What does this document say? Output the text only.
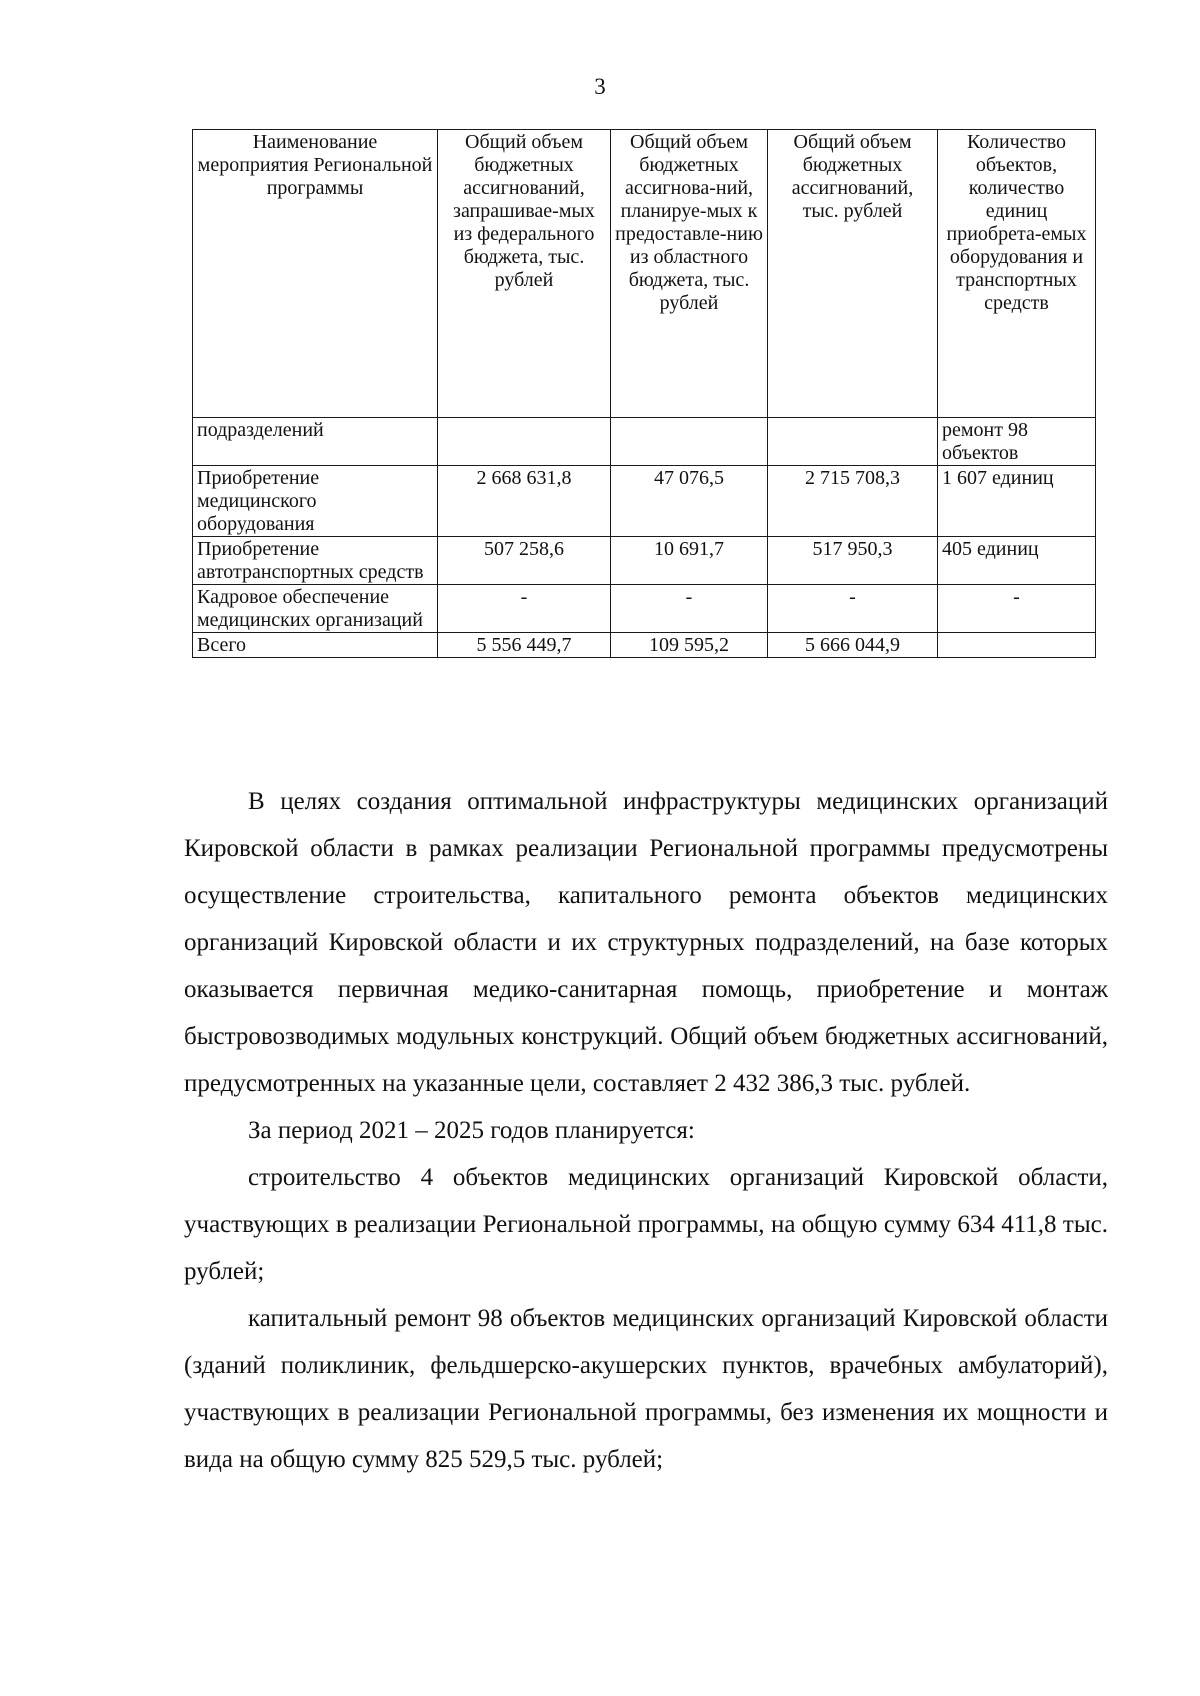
3
Наименование мероприятия Региональной программы	Общий объем бюджетных ассигнований, запрашивае-мых из федерального бюджета, тыс. рублей	Общий объем бюджетных ассигнова-ний, планируе-мых к предоставле-нию из областного бюджета, тыс. рублей	Общий объем бюджетных ассигнований, тыс. рублей	Количество объектов, количество единиц приобрета-емых оборудования и транспортных средств
подразделений				ремонт 98 объектов
Приобретение медицинского оборудования	2 668 631,8	47 076,5	2 715 708,3	1 607 единиц
Приобретение автотранспортных средств	507 258,6	10 691,7	517 950,3	405 единиц
Кадровое обеспечение медицинских организаций	-	-	-	-
Всего	5 556 449,7	109 595,2	5 666 044,9	

В целях создания оптимальной инфраструктуры медицинских организаций Кировской области в рамках реализации Региональной программы предусмотрены осуществление строительства, капитального ремонта объектов медицинских организаций Кировской области и их структурных подразделений, на базе которых оказывается первичная медико-санитарная помощь, приобретение и монтаж быстровозводимых модульных конструкций. Общий объем бюджетных ассигнований, предусмотренных на указанные цели, составляет 2 432 386,3 тыс. рублей.

За период 2021 – 2025 годов планируется:

строительство 4 объектов медицинских организаций Кировской области, участвующих в реализации Региональной программы, на общую сумму 634 411,8 тыс. рублей;

капитальный ремонт 98 объектов медицинских организаций Кировской области (зданий поликлиник, фельдшерско-акушерских пунктов, врачебных амбулаторий), участвующих в реализации Региональной программы, без изменения их мощности и вида на общую сумму 825 529,5 тыс. рублей;
